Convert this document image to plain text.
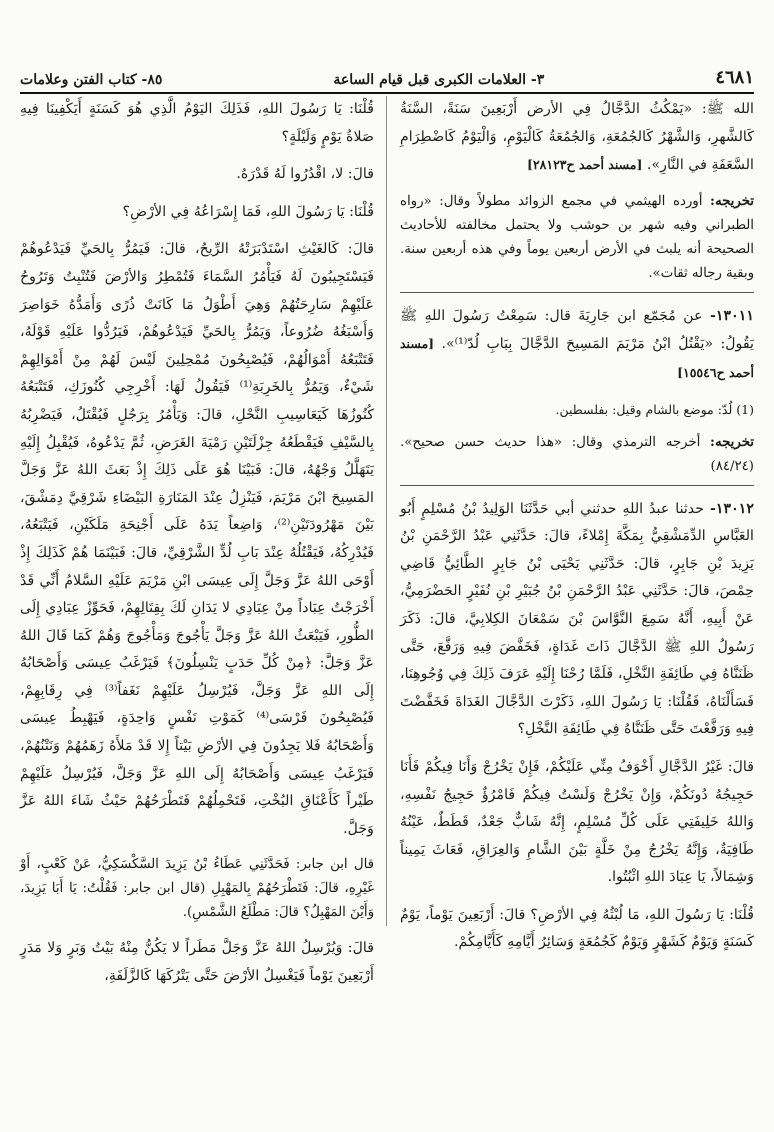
٤٦٨١
٣- العلامات الكبرى قبل قيام الساعة
٨٥- كتاب الفتن وعلامات

الله ﷺ: «يَمْكُثُ الدَّجَّالُ فِي الأرض أَرْبَعِينَ سَنَةً، السَّنَةُ كَالشَّهرِ، وَالشَّهْرُ كَالجُمُعَةِ، وَالجُمُعَةُ كَالْيَوْمِ، وَالْيَوْمُ كَاضْطِرَامِ السَّعَفَةِ في النَّارِ». [مسند أحمد ح٢٨١٢٣]

تخريجه: أورده الهيثمي في مجمع الزوائد مطولاً وقال: «رواه الطبراني وفيه شهر بن حوشب ولا يحتمل مخالفته للأحاديث الصحيحة أنه يلبث في الأرض أربعين يوماً وفي هذه أربعين سنة. وبقية رجاله ثقات».

١٣٠١١- عن مُجَمّع ابن جَارِيَةَ قال: سَمِعْتُ رَسُولَ اللهِ ﷺ يَقُولُ: «يَقْتُلُ ابْنُ مَرْيَمَ المَسِيحَ الدَّجَّالَ بِبَابِ لُدّ⁽¹⁾». [مسند أحمد ح١٥٥٤٦]

(1) لُدّ: موضع بالشام وقيل: بفلسطين.

تخريجه: أخرجه الترمذي وقال: «هذا حديث حسن صحيح». (٨٤/٢٤)

١٣٠١٢- حدثنا عبدُ اللهِ حدثني أبي حَدَّثَنَا الوَلِيدُ بْنُ مُسْلِمٍ أَبُو العَبَّاسِ الدِّمَشْقِيُّ بِمَكَّةَ إِمْلاءً، قالَ: حَدَّثَنِي عَبْدُ الرَّحْمَنِ بْنُ يَزِيدَ بْنِ جَابِرٍ، قالَ: حَدَّثَنِي يَحْيَى بْنُ جَابِرٍ الطَّائِيُّ قَاضِي حِمْصَ، قالَ: حَدَّثَنِي عَبْدُ الرَّحْمَنِ بْنُ جُبَيْرِ بْنِ نُفَيْرٍ الحَضْرَمِيُّ، عَنْ أَبِيهِ، أَنَّهُ سَمِعَ النَّوَّاسَ بْنَ سَمْعَانَ الكِلابِيَّ، قالَ: ذَكَرَ رَسُولُ اللهِ ﷺ الدَّجَّالَ ذَاتَ غَدَاةٍ، فَخَفَّضَ فِيهِ وَرَفَّعَ، حَتَّى ظَنَنَّاهُ فِي طَائِفَةِ النَّخْلِ، فَلَمَّا رُحْنَا إِلَيْهِ عَرَفَ ذَلِكَ فِي وُجُوهِنَا، فَسَأَلْنَاهُ، فَقُلْنَا: يَا رَسُولَ اللهِ، ذَكَرْتَ الدَّجَّالَ الغَدَاةَ فَخَفَّضْتَ فِيهِ وَرَفَّعْتَ حَتَّى ظَنَنَّاهُ فِي طَائِفَةِ النَّخْلِ؟

قالَ: غَيْرُ الدَّجَّالِ أَخْوَفُ مِنِّي عَلَيْكُمْ، فَإِنْ يَخْرُجْ وَأَنَا فِيكُمْ فَأَنَا حَجِيجُهُ دُونَكُمْ، وَإِنْ يَخْرُجْ وَلَسْتُ فِيكُمْ فَامْرُؤٌ حَجِيجُ نَفْسِهِ، وَاللهُ خَلِيفَتِي عَلَى كُلِّ مُسْلِمٍ، إِنَّهُ شَابٌّ جَعْدٌ، قَطَطٌ، عَيْنُهُ طَافِيَةٌ، وَإِنَّهُ يَخْرُجُ مِنْ خَلَّةٍ بَيْنَ الشَّامِ وَالعِرَاقِ، فَعَاثَ يَمِيناً وَشِمَالاً، يَا عِبَادَ اللهِ اثْبُتُوا.

قُلْنَا: يَا رَسُولَ اللهِ، مَا لُبْثُهُ فِي الأرْضِ؟ قالَ: أَرْبَعِينَ يَوْماً، يَوْمٌ كَسَنَةٍ وَيَوْمٌ كَشَهْرٍ وَيَوْمٌ كَجُمُعَةٍ وَسَائِرُ أَيَّامِهِ كَأَيَّامِكُمْ.

قُلْنَا: يَا رَسُولَ اللهِ، فَذَلِكَ اليَوْمُ الَّذِي هُوَ كَسَنَةٍ أَيَكْفِينَا فِيهِ صَلاةُ يَوْمٍ وَلَيْلَةٍ؟

قالَ: لا، اقْدُرُوا لَهُ قَدْرَهُ.

قُلْنَا: يَا رَسُولَ اللهِ، فَمَا إِسْرَاعُهُ فِي الأرْضِ؟

قالَ: كَالغَيْثِ اسْتَدْبَرَتْهُ الرِّيحُ، قالَ: فَيَمُرُّ بِالحَيِّ فَيَدْعُوهُمْ فَيَسْتَجِيبُونَ لَهُ فَيَأْمُرُ السَّمَاءَ فَتُمْطِرُ وَالأرْضَ فَتُنْبِتُ وَتَرُوحُ عَلَيْهِمْ سَارِحَتُهُمْ وَهِيَ أَطْوَلُ مَا كَانَتْ ذُرًى وَأَمَدُّهُ خَوَاصِرَ وَأَسْبَغُهُ ضُرُوعاً، وَيَمُرُّ بِالحَيِّ فَيَدْعُوهُمْ، فَيَرُدُّوا عَلَيْهِ قَوْلَهُ، فَتَتْبَعُهُ أَمْوَالُهُمْ، فَيُصْبِحُونَ مُمْحِلِينَ لَيْسَ لَهُمْ مِنْ أَمْوَالِهِمْ شَيْءٌ، وَيَمُرُّ بِالخَرِبَةِ⁽¹⁾ فَيَقُولُ لَهَا: أَخْرِجِي كُنُوزَكِ، فَتَتْبَعُهُ كُنُوزُهَا كَيَعَاسِيبِ النَّحْلِ، قالَ: وَيَأْمُرُ بِرَجُلٍ فَيُقْتَلُ، فَيَضْرِبُهُ بِالسَّيْفِ فَيَقْطَعُهُ جِزْلَتَيْنِ رَمْيَةَ الغَرَضِ، ثُمَّ يَدْعُوهُ، فَيُقْبِلُ إِلَيْهِ يَتَهَلَّلُ وَجْهُهُ، قالَ: فَبَيْنَا هُوَ عَلَى ذَلِكَ إِذْ بَعَثَ اللهُ عَزَّ وَجَلَّ المَسِيحَ ابْنَ مَرْيَمَ، فَيَنْزِلُ عِنْدَ المَنَارَةِ البَيْضَاءِ شَرْقِيَّ دِمَشْقَ، بَيْنَ مَهْرُودَتَيْنِ⁽²⁾، وَاضِعاً يَدَهُ عَلَى أَجْنِحَةِ مَلَكَيْنِ، فَيَتْبَعُهُ، فَيُدْرِكُهُ، فَيَقْتُلُهُ عِنْدَ بَابِ لُدٍّ الشَّرْقِيِّ، قالَ: فَبَيْنَمَا هُمْ كَذَلِكَ إِذْ أَوْحَى اللهُ عَزَّ وَجَلَّ إِلَى عِيسَى ابْنِ مَرْيَمَ عَلَيْهِ السَّلامُ أَنِّي قَدْ أَخْرَجْتُ عِبَاداً مِنْ عِبَادِي لا يَدَانِ لَكَ بِقِتَالِهِمْ، فَحَوِّزْ عِبَادِي إِلَى الطُّورِ، فَيَبْعَثُ اللهُ عَزَّ وَجَلَّ يَأْجُوجَ وَمَأْجُوجَ وَهُمْ كَمَا قَالَ اللهُ عَزَّ وَجَلَّ: ﴿مِنْ كُلِّ حَدَبٍ يَنْسِلُونَ﴾ فَيَرْغَبُ عِيسَى وَأَصْحَابُهُ إِلَى اللهِ عَزَّ وَجَلَّ، فَيُرْسِلُ عَلَيْهِمْ نَغَفاً⁽³⁾ فِي رِقَابِهِمْ، فَيُصْبِحُونَ فَرْسَى⁽⁴⁾ كَمَوْتِ نَفْسٍ وَاحِدَةٍ، فَيَهْبِطُ عِيسَى وَأَصْحَابُهُ فَلا يَجِدُونَ فِي الأرْضِ بَيْتاً إِلا قَدْ مَلأَهُ زَهَمُهُمْ وَنَتْنُهُمْ، فَيَرْغَبُ عِيسَى وَأَصْحَابُهُ إِلَى اللهِ عَزَّ وَجَلَّ، فَيُرْسِلُ عَلَيْهِمْ طَيْراً كَأَعْنَاقِ البُخْتِ، فَتَحْمِلُهُمْ فَتَطْرَحُهُمْ حَيْثُ شَاءَ اللهُ عَزَّ وَجَلَّ.

قال ابن جابر: فَحَدَّثَنِي عَطَاءُ بْنُ يَزِيدَ السَّكْسَكِيُّ، عَنْ كَعْبٍ، أَوْ غَيْرِهِ، قالَ: فَتَطْرَحُهُمْ بِالمَهْبِلِ (قال ابن جابر: فَقُلْتُ: يَا أَبَا يَزِيدَ، وَأَيْنَ المَهْبِلُ؟ قالَ: مَطْلَعُ الشَّمْسِ).

قالَ: وَيُرْسِلُ اللهُ عَزَّ وَجَلَّ مَطَراً لا يَكُنُّ مِنْهُ بَيْتُ وَبَرٍ وَلا مَدَرٍ أَرْبَعِينَ يَوْماً فَيَغْسِلُ الأرْضَ حَتَّى يَتْرُكَهَا كَالزَّلَفَةِ،
